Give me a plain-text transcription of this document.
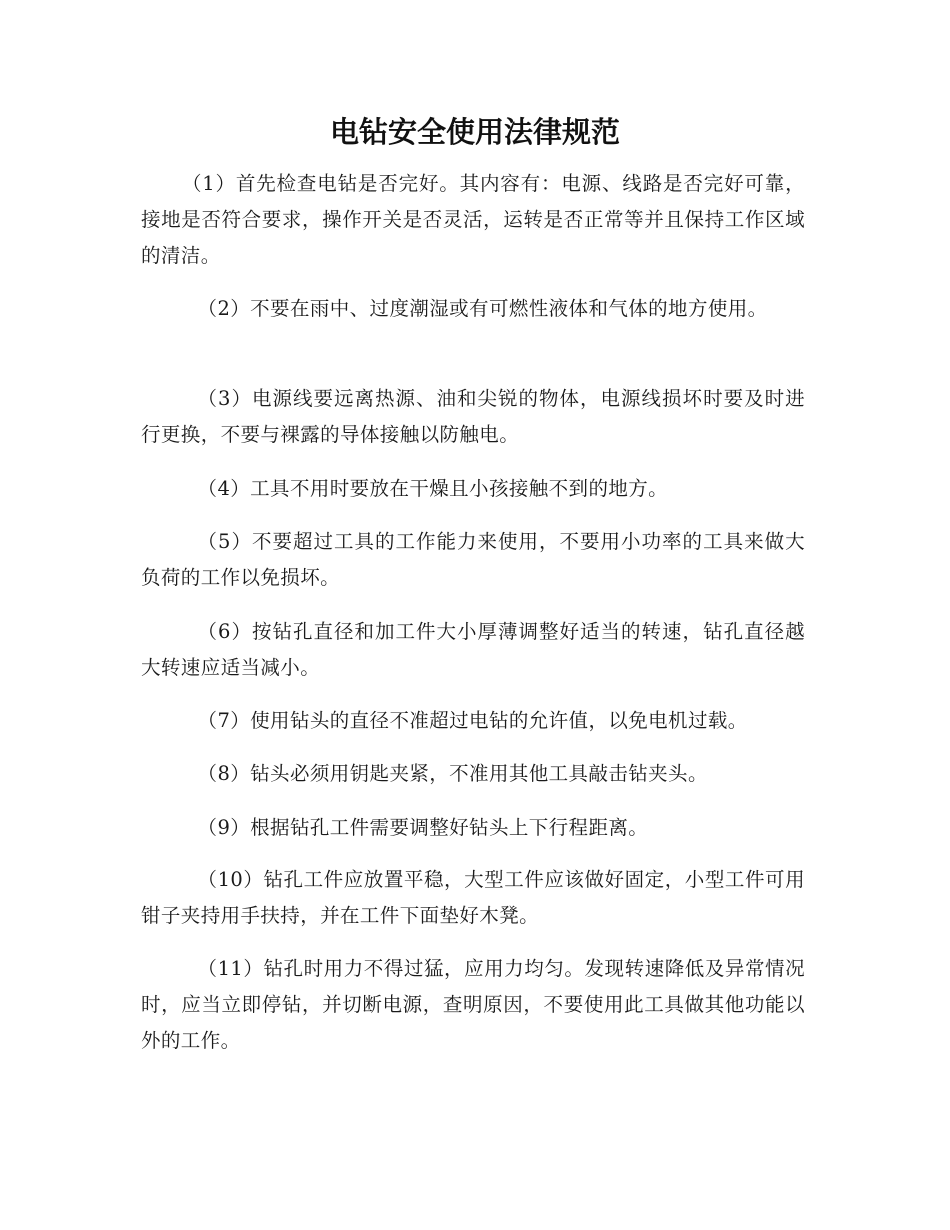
电钻安全使用法律规范

（1）首先检查电钻是否完好。其内容有：电源、线路是否完好可靠，接地是否符合要求，操作开关是否灵活，运转是否正常等并且保持工作区域的清洁。

（2）不要在雨中、过度潮湿或有可燃性液体和气体的地方使用。

（3）电源线要远离热源、油和尖锐的物体，电源线损坏时要及时进行更换，不要与裸露的导体接触以防触电。

（4）工具不用时要放在干燥且小孩接触不到的地方。

（5）不要超过工具的工作能力来使用，不要用小功率的工具来做大负荷的工作以免损坏。

（6）按钻孔直径和加工件大小厚薄调整好适当的转速，钻孔直径越大转速应适当减小。

（7）使用钻头的直径不准超过电钻的允许值，以免电机过载。

（8）钻头必须用钥匙夹紧，不准用其他工具敲击钻夹头。

（9）根据钻孔工件需要调整好钻头上下行程距离。

（10）钻孔工件应放置平稳，大型工件应该做好固定，小型工件可用钳子夹持用手扶持，并在工件下面垫好木凳。

（11）钻孔时用力不得过猛，应用力均匀。发现转速降低及异常情况时，应当立即停钻，并切断电源，查明原因，不要使用此工具做其他功能以外的工作。
